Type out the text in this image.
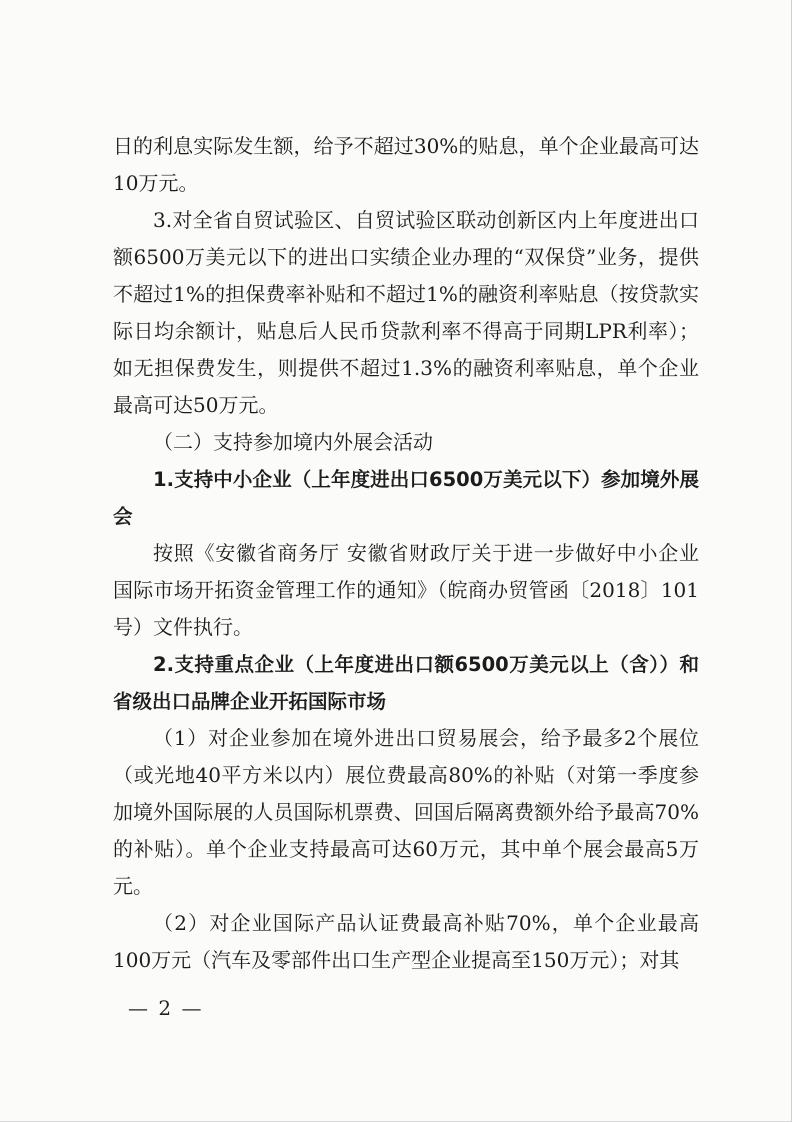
日的利息实际发生额，给予不超过30%的贴息，单个企业最高可达10万元。

3.对全省自贸试验区、自贸试验区联动创新区内上年度进出口额6500万美元以下的进出口实绩企业办理的“双保贷”业务，提供不超过1%的担保费率补贴和不超过1%的融资利率贴息（按贷款实际日均余额计，贴息后人民币贷款利率不得高于同期LPR利率）；如无担保费发生，则提供不超过1.3%的融资利率贴息，单个企业最高可达50万元。

（二）支持参加境内外展会活动

1.支持中小企业（上年度进出口6500万美元以下）参加境外展会

按照《安徽省商务厅 安徽省财政厅关于进一步做好中小企业国际市场开拓资金管理工作的通知》（皖商办贸管函〔2018〕101号）文件执行。

2.支持重点企业（上年度进出口额6500万美元以上（含））和省级出口品牌企业开拓国际市场

（1）对企业参加在境外进出口贸易展会，给予最多2个展位（或光地40平方米以内）展位费最高80%的补贴（对第一季度参加境外国际展的人员国际机票费、回国后隔离费额外给予最高70%的补贴）。单个企业支持最高可达60万元，其中单个展会最高5万元。

（2）对企业国际产品认证费最高补贴70%，单个企业最高100万元（汽车及零部件出口生产型企业提高至150万元）；对其

— 2 —
